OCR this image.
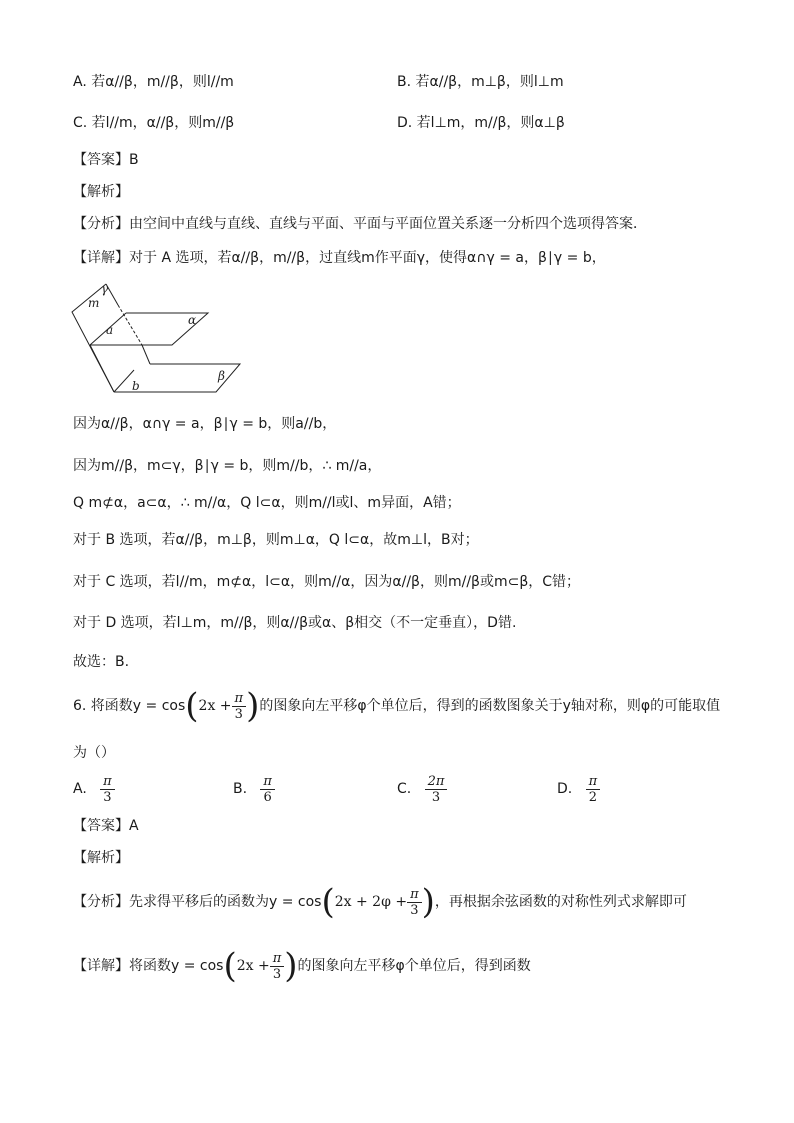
A. 若α//β，m//β，则l//m	B. 若α//β，m⊥β，则l⊥m
C. 若l//m，α//β，则m//β	D. 若l⊥m，m//β，则α⊥β
【答案】B
【解析】
【分析】由空间中直线与直线、直线与平面、平面与平面位置关系逐一分析四个选项得答案．
【详解】对于 A 选项，若α//β，m//β，过直线m作平面γ，使得α∩γ = a，β∣γ = b，
γ
m
a
α
β
b
因为α//β，α∩γ = a，β∣γ = b，则a//b，
因为m//β，m⊂γ，β∣γ = b，则m//b，∴ m//a，
Q m⊄α，a⊂α，∴ m//α，Q l⊂α，则m//l或l、m异面，A错；
对于 B 选项，若α//β，m⊥β，则m⊥α，Q l⊂α，故m⊥l，B对；
对于 C 选项，若l//m，m⊄α，l⊂α，则m//α，因为α//β，则m//β或m⊂β，C错；
对于 D 选项，若l⊥m，m//β，则α//β或α、β相交（不一定垂直），D错.
故选：B.
6. 将函数$y = \cos(2x + \frac{\pi}{3}$ )的图象向左平移φ个单位后，得到的函数图象关于y轴对称，则φ的可能取值
为（）
A. $\frac{\pi}{3}$	B. $\frac{\pi}{6}$	C. $\frac{2\pi}{3}$	D. $\frac{\pi}{2}$
【答案】A
【解析】
【分析】先求得平移后的函数为$y = \cos(2x + 2\varphi + \frac{\pi}{3}$ )，再根据余弦函数的对称性列式求解即可
【详解】将函数$y = \cos(2x + \frac{\pi}{3}$ )的图象向左平移φ个单位后，得到函数
